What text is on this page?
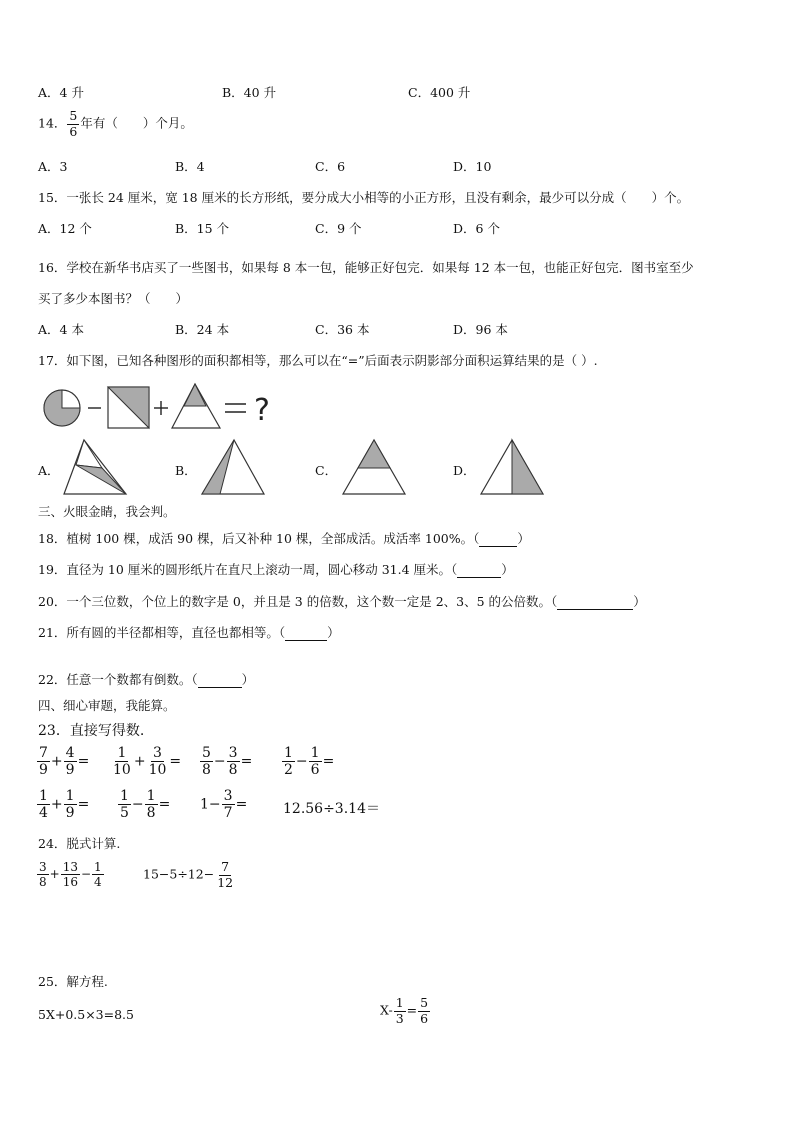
A．4 升	B．40 升	C．400 升
14． $\frac{5}{6}$ 年有（　　）个月。
A．3	B．4	C．6	D．10
15．一张长 24 厘米，宽 18 厘米的长方形纸，要分成大小相等的小正方形，且没有剩余，最少可以分成（　　）个。
A．12 个	B．15 个	C．9 个	D．6 个
16．学校在新华书店买了一些图书，如果每 8 本一包，能够正好包完．如果每 12 本一包，也能正好包完．图书室至少
买了多少本图书？（　　）
A．4 本	B．24 本	C．36 本	D．96 本
17．如下图，已知各种图形的面积都相等，那么可以在“=”后面表示阴影部分面积运算结果的是（ ）.
?
A．	B．	C．	D．
三、火眼金睛，我会判。
18．植树 100 棵，成活 90 棵，后又补种 10 棵，全部成活。成活率 100%。（	）
19．直径为 10 厘米的圆形纸片在直尺上滚动一周，圆心移动 31.4 厘米。（	）
20．一个三位数，个位上的数字是 0，并且是 3 的倍数，这个数一定是 2、3、5 的公倍数。（	）
21．所有圆的半径都相等，直径也都相等。（	）
22．任意一个数都有倒数。（	）
四、细心审题，我能算。
23．直接写得数.
$\frac{7}{9} + \frac{4}{9} = \frac{1}{10} + \frac{3}{10} = \frac{5}{8} - \frac{3}{8} = \frac{1}{2} - \frac{1}{6}$ =
$\frac{1}{4} + \frac{1}{9} = \frac{1}{5} - \frac{1}{8} = 1- \frac{3}{7}$ =	12.56÷3.14＝
24．脱式计算.
$\frac{3}{8} + \frac{13}{16} - \frac{1}{4}$	$15-5\div 12- \frac{7}{12}$
25．解方程.
5X+0.5×3=8.5	$X- \frac{1}{3} = \frac{5}{6}$
